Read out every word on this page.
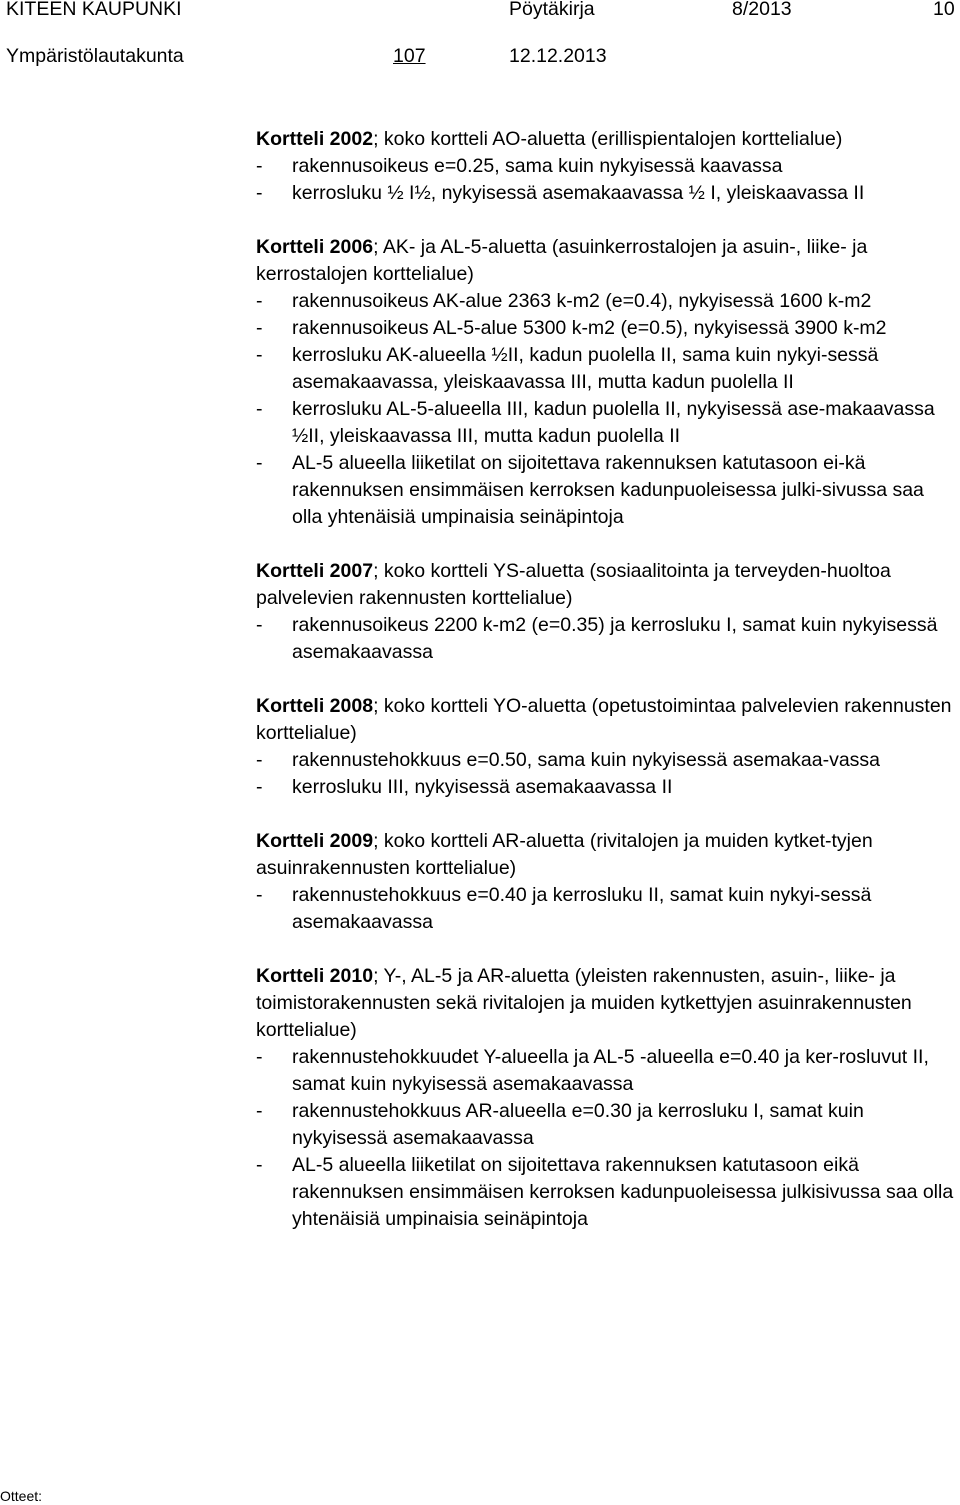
KITEEN KAUPUNKI	Pöytäkirja	8/2013	10
Ympäristölautakunta	107	12.12.2013

Kortteli 2002; koko kortteli AO-aluetta (erillispientalojen korttelialue)

-	rakennusoikeus e=0.25, sama kuin nykyisessä kaavassa
-	kerrosluku ½ I½, nykyisessä asemakaavassa ½ I, yleiskaavassa II

Kortteli 2006; AK- ja AL-5-aluetta (asuinkerrostalojen ja asuin-, liike- ja kerrostalojen korttelialue)

-	rakennusoikeus AK-alue 2363 k-m2 (e=0.4), nykyisessä 1600 k-m2
-	rakennusoikeus AL-5-alue 5300 k-m2 (e=0.5), nykyisessä 3900 k-m2
-	kerrosluku AK-alueella ½II, kadun puolella II, sama kuin nykyi-sessä asemakaavassa, yleiskaavassa III, mutta kadun puolella II
-	kerrosluku AL-5-alueella III, kadun puolella II, nykyisessä ase-makaavassa ½II, yleiskaavassa III, mutta kadun puolella II
-	AL-5 alueella liiketilat on sijoitettava rakennuksen katutasoon ei-kä rakennuksen ensimmäisen kerroksen kadunpuoleisessa julki-sivussa saa olla yhtenäisiä umpinaisia seinäpintoja

Kortteli 2007; koko kortteli YS-aluetta (sosiaalitointa ja terveyden-huoltoa palvelevien rakennusten korttelialue)

-	rakennusoikeus 2200 k-m2 (e=0.35) ja kerrosluku I, samat kuin nykyisessä asemakaavassa

Kortteli 2008; koko kortteli YO-aluetta (opetustoimintaa palvelevien rakennusten korttelialue)

-	rakennustehokkuus e=0.50, sama kuin nykyisessä asemakaa-vassa
-	kerrosluku III, nykyisessä asemakaavassa II

Kortteli 2009; koko kortteli AR-aluetta (rivitalojen ja muiden kytket-tyjen asuinrakennusten korttelialue)

-	rakennustehokkuus e=0.40 ja kerrosluku II, samat kuin nykyi-sessä asemakaavassa

Kortteli 2010; Y-, AL-5 ja AR-aluetta (yleisten rakennusten, asuin-, liike- ja toimistorakennusten sekä rivitalojen ja muiden kytkettyjen asuinrakennusten korttelialue)

-	rakennustehokkuudet Y-alueella ja AL-5 -alueella e=0.40 ja ker-rosluvut II, samat kuin nykyisessä asemakaavassa
-	rakennustehokkuus AR-alueella e=0.30 ja kerrosluku I, samat kuin nykyisessä asemakaavassa
-	AL-5 alueella liiketilat on sijoitettava rakennuksen katutasoon eikä rakennuksen ensimmäisen kerroksen kadunpuoleisessa julkisivussa saa olla yhtenäisiä umpinaisia seinäpintoja
Otteet:
